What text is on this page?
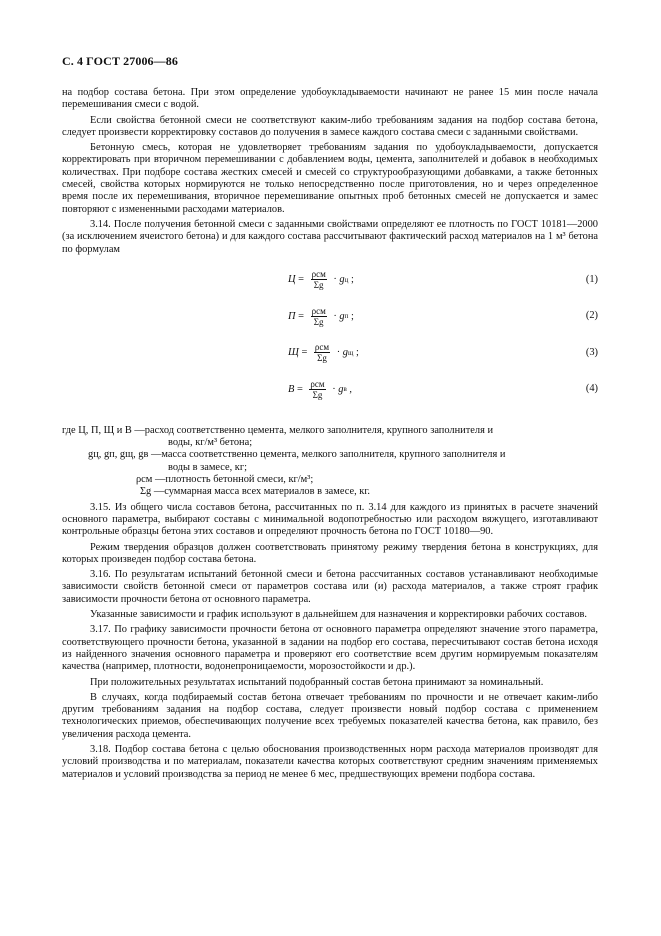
С. 4 ГОСТ 27006—86

на подбор состава бетона. При этом определение удобоукладываемости начинают не ранее 15 мин после начала перемешивания смеси с водой.

Если свойства бетонной смеси не соответствуют каким-либо требованиям задания на подбор состава бетона, следует произвести корректировку составов до получения в замесе каждого состава смеси с заданными свойствами.

Бетонную смесь, которая не удовлетворяет требованиям задания по удобоукладываемости, допускается корректировать при вторичном перемешивании с добавлением воды, цемента, заполнителей и добавок в необходимых количествах. При подборе состава жестких смесей и смесей со структурообразующими добавками, а также бетонных смесей, свойства которых нормируются не только непосредственно после приготовления, но и через определенное время после их перемешивания, вторичное перемешивание опытных проб бетонных смесей не допускается и замес повторяют с измененными расходами материалов.

3.14. После получения бетонной смеси с заданными свойствами определяют ее плотность по ГОСТ 10181—2000 (за исключением ячеистого бетона) и для каждого состава рассчитывают фактический расход материалов на 1 м³ бетона по формулам

$Ц = \frac{\text{ρсм}}{\Sigma g} \cdot g$ ц
;	(1)
$П = \frac{\text{ρсм}}{\Sigma g} \cdot g$ п
;	(2)
$Щ = \frac{\text{ρсм}}{\Sigma g} \cdot g$ щ
;	(3)
$В = \frac{\text{ρсм}}{\Sigma g} \cdot g$ в
,	(4)
где Ц, П, Щ и В — расход соответственно цемента, мелкого заполнителя, крупного заполнителя и
воды, кг/м³ бетона;
gц, gп, gщ, gв — масса соответственно цемента, мелкого заполнителя, крупного заполнителя и
воды в замесе, кг;
ρсм — плотность бетонной смеси, кг/м³;
Σg — суммарная масса всех материалов в замесе, кг.

3.15. Из общего числа составов бетона, рассчитанных по п. 3.14 для каждого из принятых в расчете значений основного параметра, выбирают составы с минимальной водопотребностью или расходом вяжущего, изготавливают контрольные образцы бетона этих составов и определяют прочность бетона по ГОСТ 10180—90.

Режим твердения образцов должен соответствовать принятому режиму твердения бетона в конструкциях, для которых произведен подбор состава бетона.

3.16. По результатам испытаний бетонной смеси и бетона рассчитанных составов устанавливают необходимые зависимости свойств бетонной смеси от параметров состава или (и) расхода материалов, а также строят график зависимости прочности бетона от основного параметра.

Указанные зависимости и график используют в дальнейшем для назначения и корректировки рабочих составов.

3.17. По графику зависимости прочности бетона от основного параметра определяют значение этого параметра, соответствующего прочности бетона, указанной в задании на подбор его состава, пересчитывают состав бетона исходя из найденного значения основного параметра и проверяют его соответствие всем другим нормируемым показателям качества (например, плотности, водонепроницаемости, морозостойкости и др.).

При положительных результатах испытаний подобранный состав бетона принимают за номинальный.

В случаях, когда подбираемый состав бетона отвечает требованиям по прочности и не отвечает каким-либо другим требованиям задания на подбор состава, следует произвести новый подбор состава с применением технологических приемов, обеспечивающих получение всех требуемых показателей качества бетона, как правило, без увеличения расхода цемента.

3.18. Подбор состава бетона с целью обоснования производственных норм расхода материалов производят для условий производства и по материалам, показатели качества которых соответствуют средним значениям применяемых материалов и условий производства за период не менее 6 мес, предшествующих времени подбора состава.
